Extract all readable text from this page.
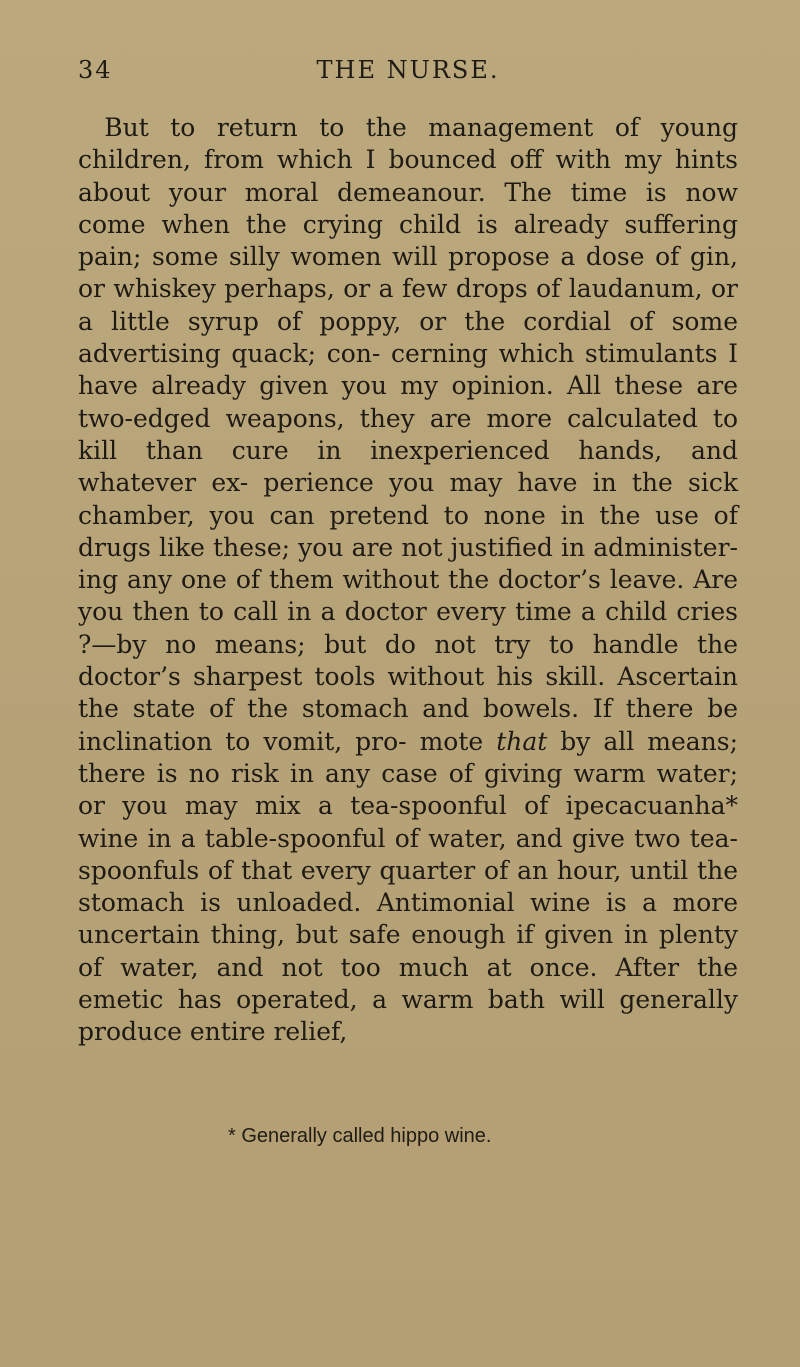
34	THE NURSE.

But to return to the management of young children, from which I bounced off with my hints about your moral demeanour. The time is now come when the crying child is already suffering pain; some silly women will propose a dose of gin, or whiskey perhaps, or a few drops of laudanum, or a little syrup of poppy, or the cordial of some advertising quack; con- cerning which stimulants I have already given you my opinion. All these are two-edged weapons, they are more calculated to kill than cure in inexperienced hands, and whatever ex- perience you may have in the sick chamber, you can pretend to none in the use of drugs like these; you are not justified in administer- ing any one of them without the doctor’s leave. Are you then to call in a doctor every time a child cries ?—by no means; but do not try to handle the doctor’s sharpest tools without his skill. Ascertain the state of the stomach and bowels. If there be inclination to vomit, pro- mote that by all means; there is no risk in any case of giving warm water; or you may mix a tea-spoonful of ipecacuanha* wine in a table-spoonful of water, and give two tea- spoonfuls of that every quarter of an hour, until the stomach is unloaded. Antimonial wine is a more uncertain thing, but safe enough if given in plenty of water, and not too much at once. After the emetic has operated, a warm bath will generally produce entire relief,

* Generally called hippo wine.
